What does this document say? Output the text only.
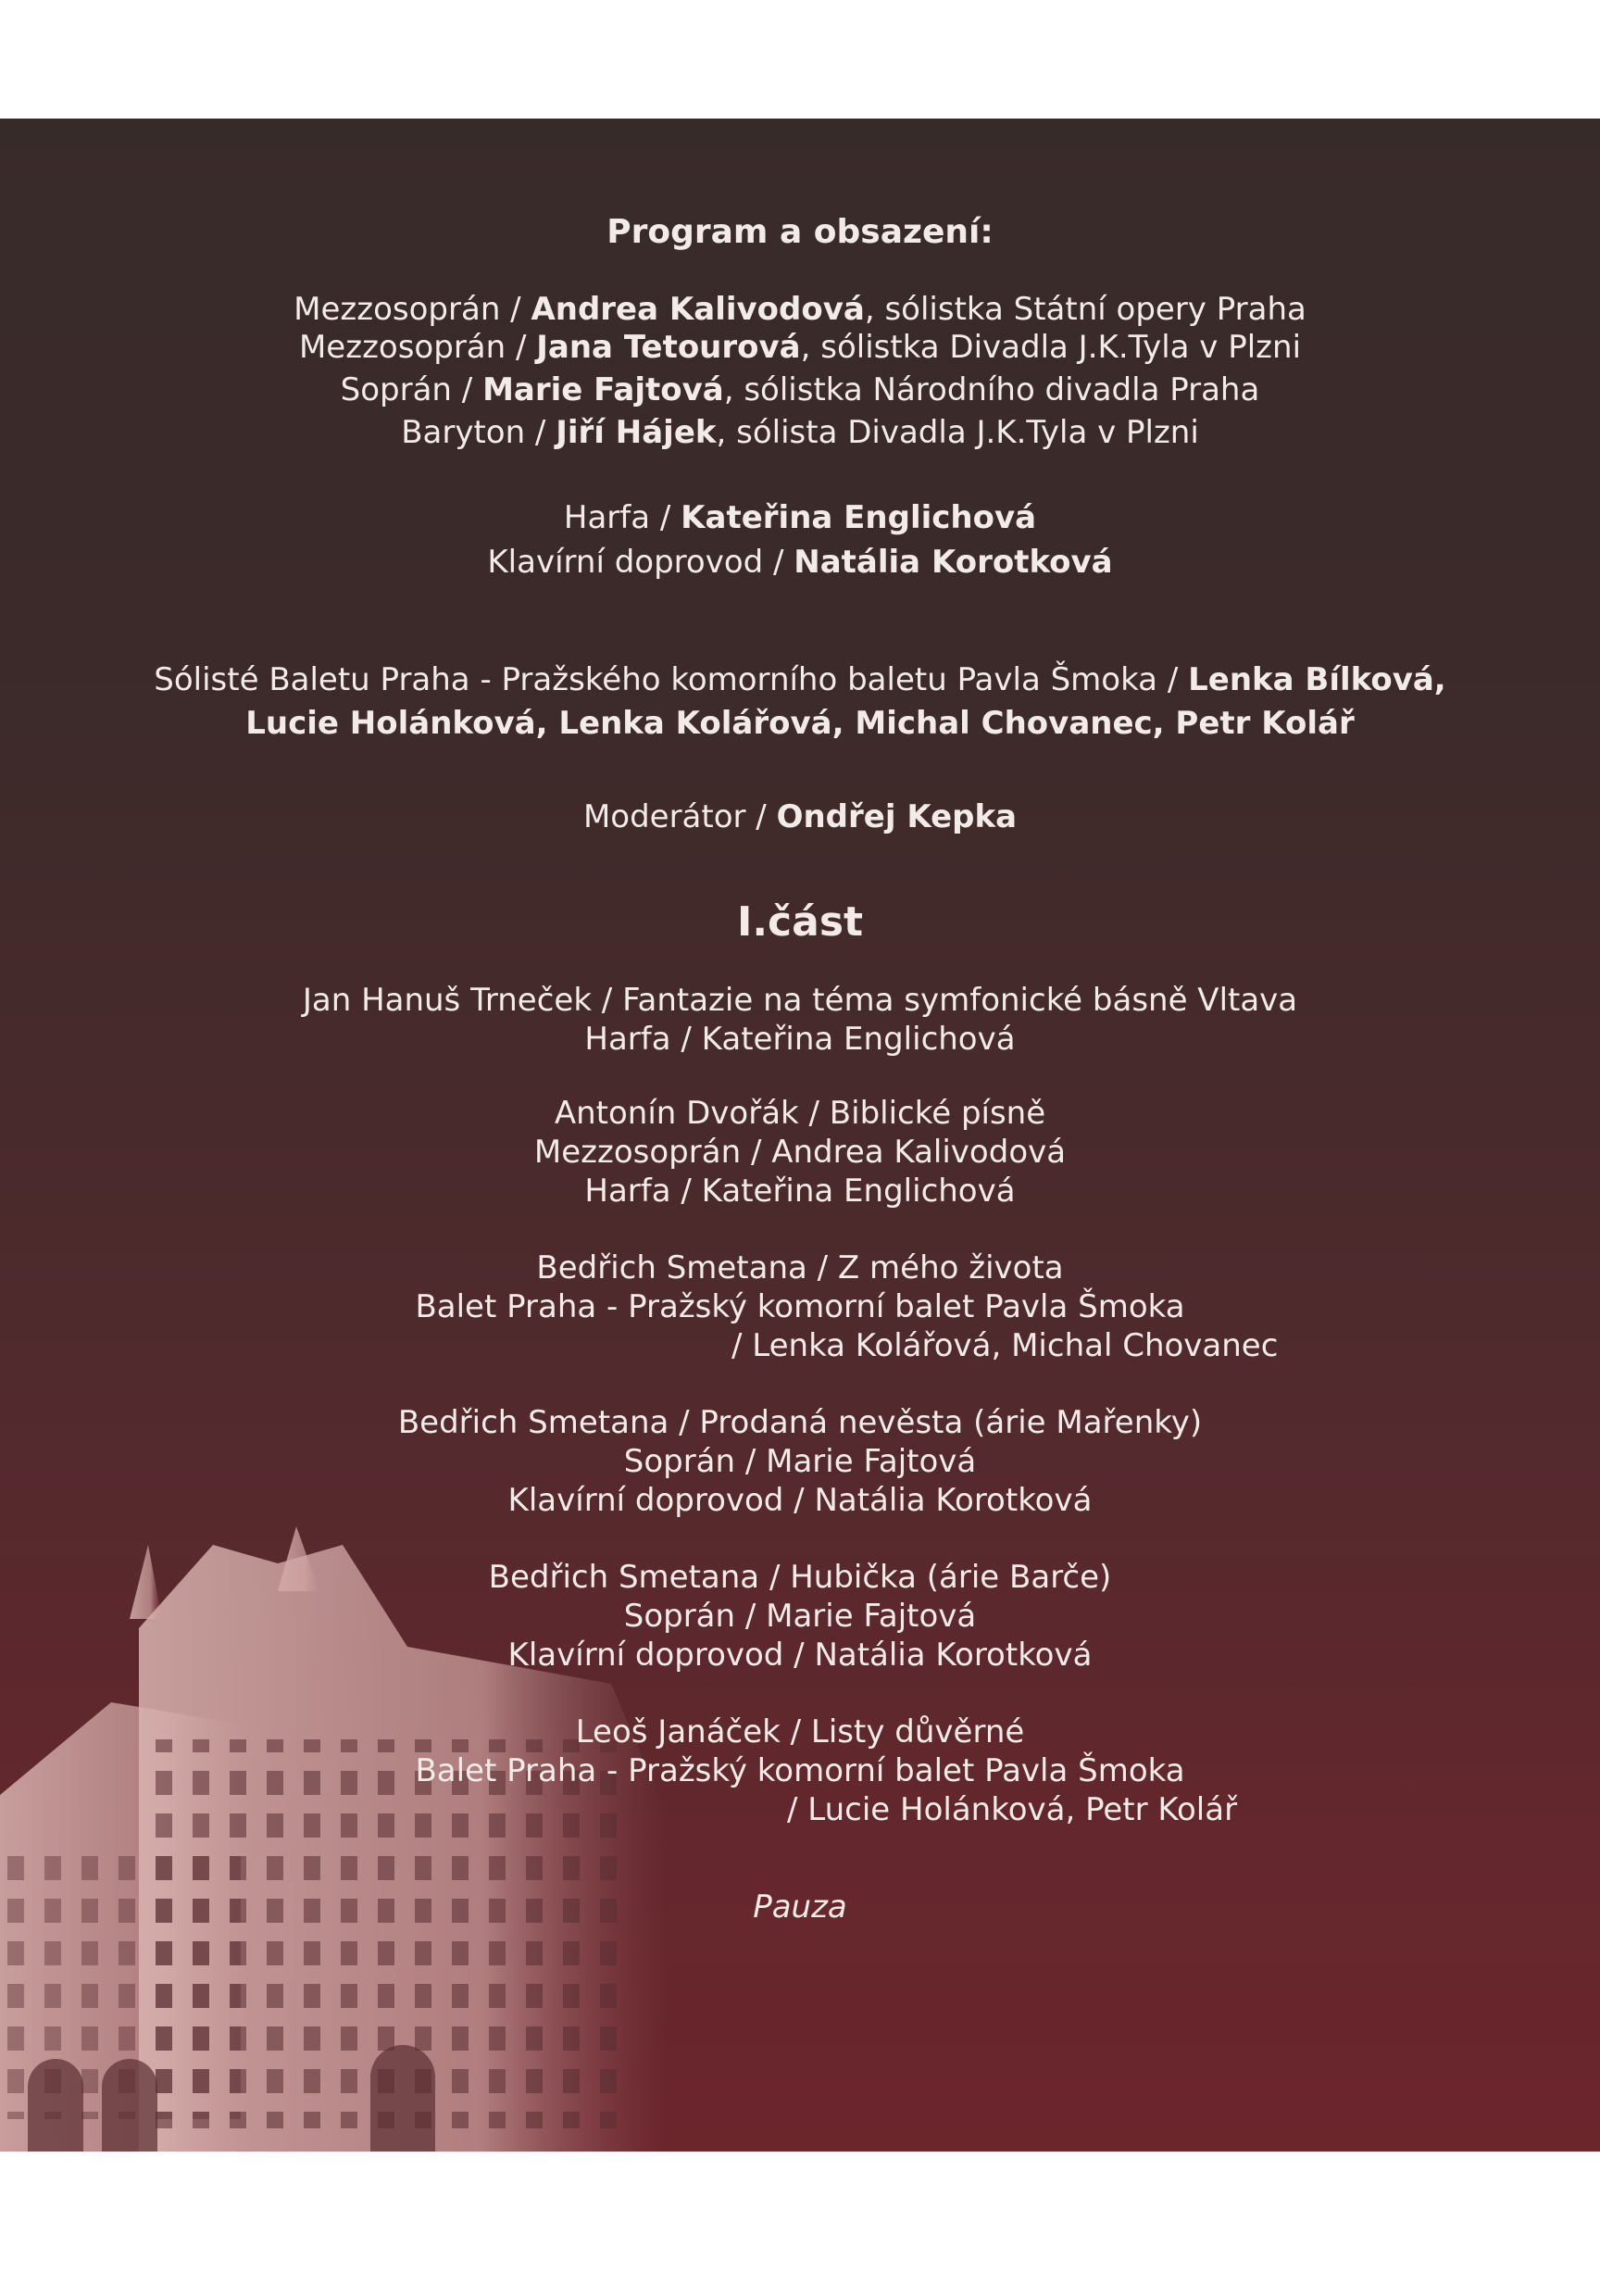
Program a obsazení:
Mezzosoprán / Andrea Kalivodová, sólistka Státní opery Praha
Mezzosoprán / Jana Tetourová, sólistka Divadla J.K.Tyla v Plzni
Soprán / Marie Fajtová, sólistka Národního divadla Praha
Baryton / Jiří Hájek, sólista Divadla J.K.Tyla v Plzni
Harfa / Kateřina Englichová
Klavírní doprovod / Natália Korotková
Sólisté Baletu Praha - Pražského komorního baletu Pavla Šmoka / Lenka Bílková,
Lucie Holánková, Lenka Kolářová, Michal Chovanec, Petr Kolář
Moderátor / Ondřej Kepka
I.část
Jan Hanuš Trneček / Fantazie na téma symfonické básně Vltava
Harfa / Kateřina Englichová
Antonín Dvořák / Biblické písně
Mezzosoprán / Andrea Kalivodová
Harfa / Kateřina Englichová
Bedřich Smetana / Z mého života
Balet Praha - Pražský komorní balet Pavla Šmoka
/ Lenka Kolářová, Michal Chovanec
Bedřich Smetana / Prodaná nevěsta (árie Mařenky)
Soprán / Marie Fajtová
Klavírní doprovod / Natália Korotková
Bedřich Smetana / Hubička (árie Barče)
Soprán / Marie Fajtová
Klavírní doprovod / Natália Korotková
Leoš Janáček / Listy důvěrné
Balet Praha - Pražský komorní balet Pavla Šmoka
/ Lucie Holánková, Petr Kolář
Pauza
